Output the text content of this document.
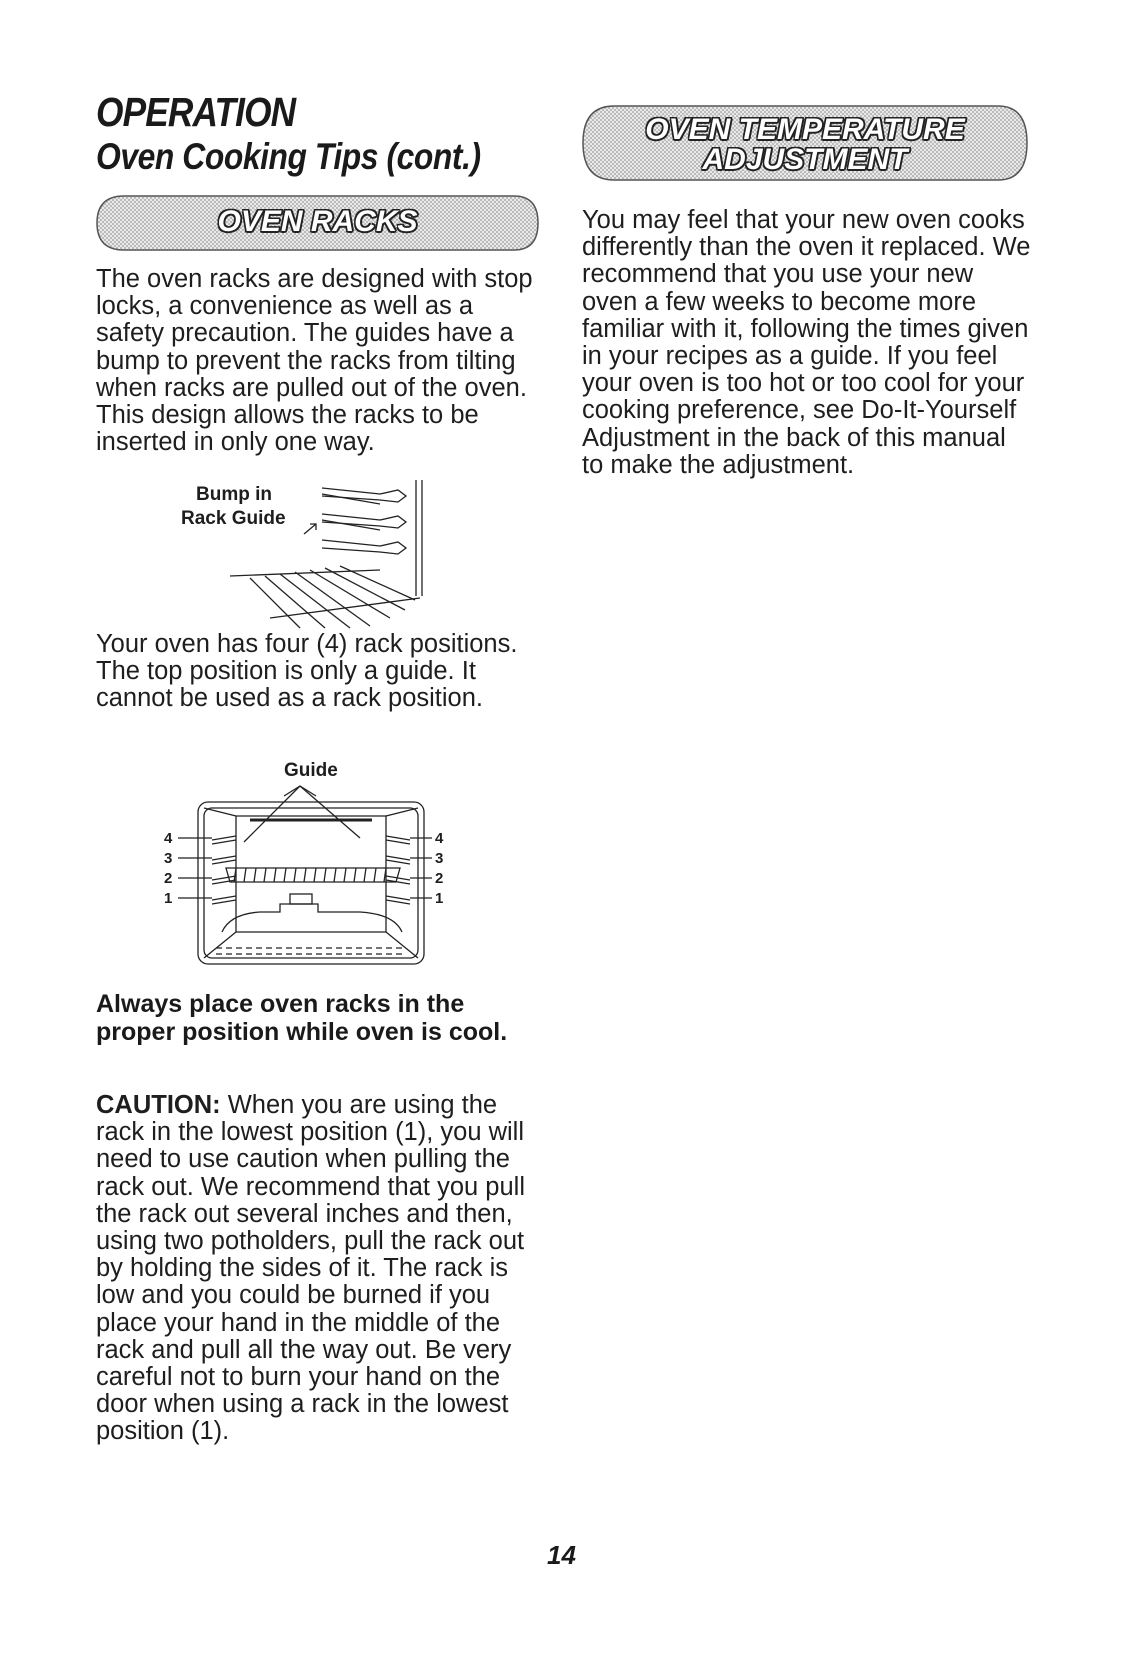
OPERATION
Oven Cooking Tips (cont.)
OVEN RACKS
OVEN TEMPERATURE
ADJUSTMENT

The oven racks are designed with stop locks, a convenience as well as a safety precaution. The guides have a bump to prevent the racks from tilting when racks are pulled out of the oven. This design allows the racks to be inserted in only one way.

Bump in
Rack Guide

Your oven has four (4) rack positions. The top position is only a guide. It cannot be used as a rack position.

Guide
4
3
2
1
4
3
2
1

Always place oven racks in the proper position while oven is cool.

CAUTION: When you are using the rack in the lowest position (1), you will need to use caution when pulling the rack out. We recommend that you pull the rack out several inches and then, using two potholders, pull the rack out by holding the sides of it. The rack is low and you could be burned if you place your hand in the middle of the rack and pull all the way out. Be very careful not to burn your hand on the door when using a rack in the lowest position (1).

You may feel that your new oven cooks differently than the oven it replaced. We recommend that you use your new oven a few weeks to become more familiar with it, following the times given in your recipes as a guide. If you feel your oven is too hot or too cool for your cooking preference, see Do-It-Yourself Adjustment in the back of this manual to make the adjustment.

14
